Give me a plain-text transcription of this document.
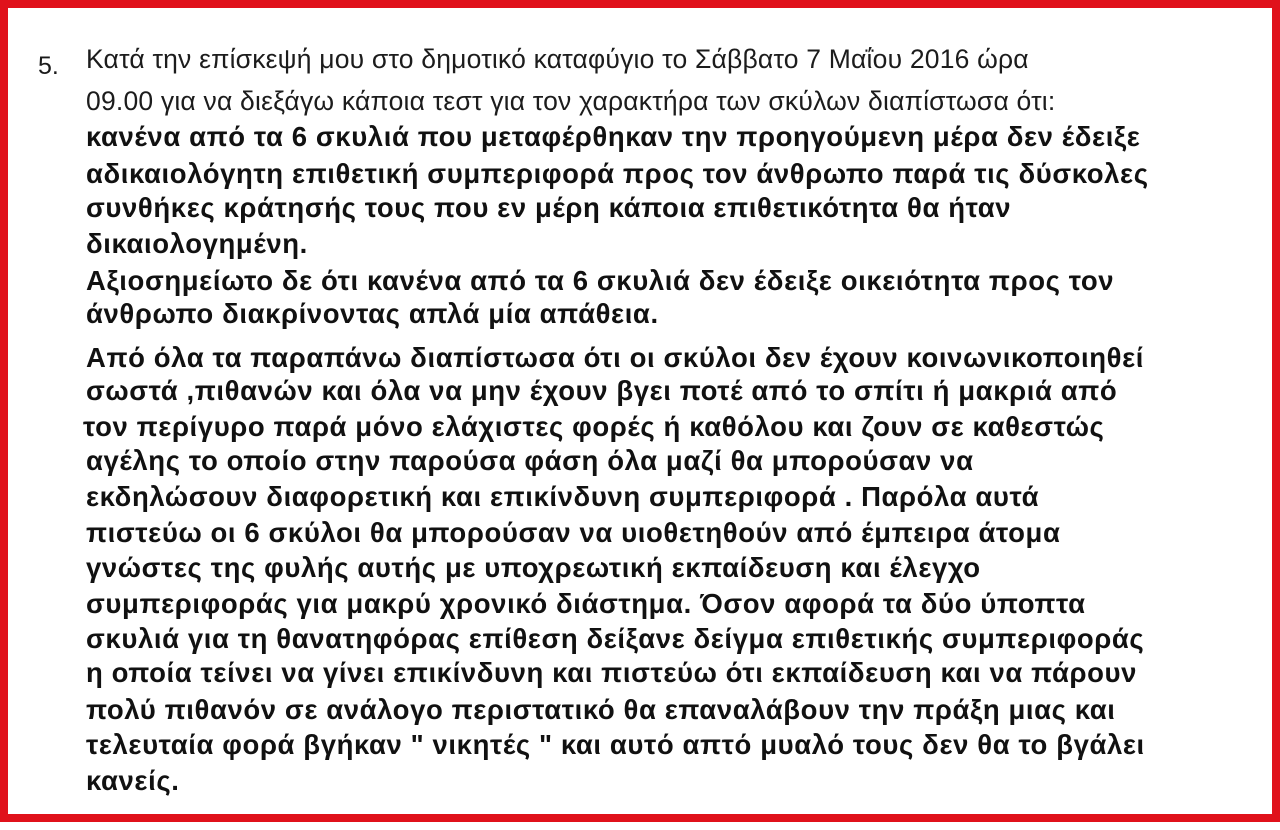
5. Κατά την επίσκεψή μου στο δημοτικό καταφύγιο το Σάββατο 7 Μαΐου 2016 ώρα
09.00 για να διεξάγω κάποια τεστ για τον χαρακτήρα των σκύλων διαπίστωσα ότι:
κανένα από τα 6 σκυλιά που μεταφέρθηκαν την προηγούμενη μέρα δεν έδειξε
αδικαιολόγητη επιθετική συμπεριφορά προς τον άνθρωπο παρά τις δύσκολες
συνθήκες κράτησής τους που εν μέρη κάποια επιθετικότητα θα ήταν
δικαιολογημένη.
Αξιοσημείωτο δε ότι κανένα από τα 6 σκυλιά δεν έδειξε οικειότητα προς τον
άνθρωπο διακρίνοντας απλά μία απάθεια.
Από όλα τα παραπάνω διαπίστωσα ότι οι σκύλοι δεν έχουν κοινωνικοποιηθεί
σωστά ,πιθανών και όλα να μην έχουν βγει ποτέ από το σπίτι ή μακριά από
τον περίγυρο παρά μόνο ελάχιστες φορές ή καθόλου και ζουν σε καθεστώς
αγέλης το οποίο στην παρούσα φάση όλα μαζί θα μπορούσαν να
εκδηλώσουν διαφορετική και επικίνδυνη συμπεριφορά . Παρόλα αυτά
πιστεύω οι 6 σκύλοι θα μπορούσαν να υιοθετηθούν από έμπειρα άτομα
γνώστες της φυλής αυτής με υποχρεωτική εκπαίδευση και έλεγχο
συμπεριφοράς για μακρύ χρονικό διάστημα. Όσον αφορά τα δύο ύποπτα
σκυλιά για τη θανατηφόρας επίθεση δείξανε δείγμα επιθετικής συμπεριφοράς
η οποία τείνει να γίνει επικίνδυνη και πιστεύω ότι εκπαίδευση και να πάρουν
πολύ πιθανόν σε ανάλογο περιστατικό θα επαναλάβουν την πράξη μιας και
τελευταία φορά βγήκαν " νικητές " και αυτό απτό μυαλό τους δεν θα το βγάλει
κανείς.
